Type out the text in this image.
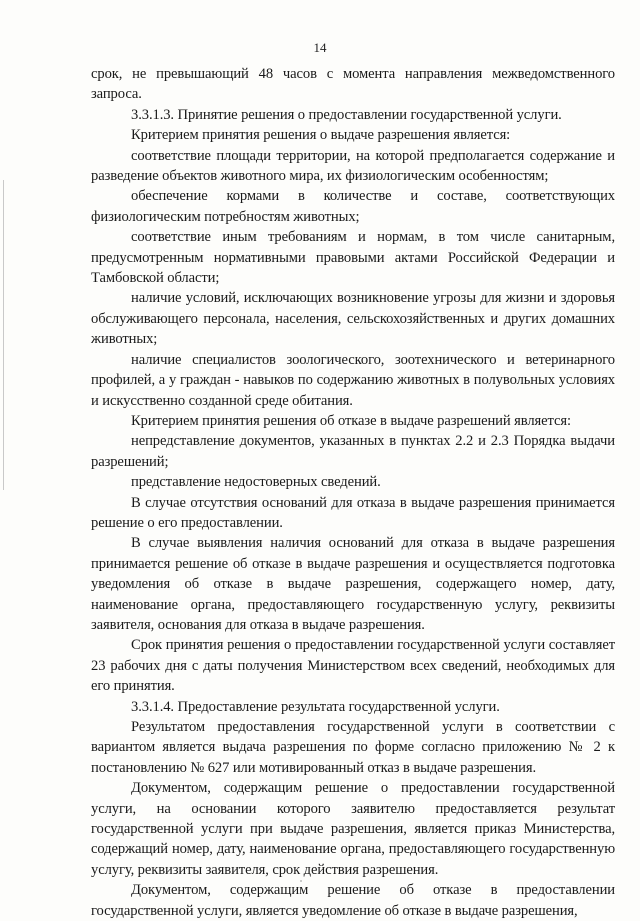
14

срок, не превышающий 48 часов с момента направления межведомственного запроса.

3.3.1.3. Принятие решения о предоставлении государственной услуги.

Критерием принятия решения о выдаче разрешения является:

соответствие площади территории, на которой предполагается содержание и разведение объектов животного мира, их физиологическим особенностям;

обеспечение кормами в количестве и составе, соответствующих физиологическим потребностям животных;

соответствие иным требованиям и нормам, в том числе санитарным, предусмотренным нормативными правовыми актами Российской Федерации и Тамбовской области;

наличие условий, исключающих возникновение угрозы для жизни и здоровья обслуживающего персонала, населения, сельскохозяйственных и других домашних животных;

наличие специалистов зоологического, зоотехнического и ветеринарного профилей, а у граждан - навыков по содержанию животных в полувольных условиях и искусственно созданной среде обитания.

Критерием принятия решения об отказе в выдаче разрешений является:

непредставление документов, указанных в пунктах 2.2 и 2.3 Порядка выдачи разрешений;

представление недостоверных сведений.

В случае отсутствия оснований для отказа в выдаче разрешения принимается решение о его предоставлении.

В случае выявления наличия оснований для отказа в выдаче разрешения принимается решение об отказе в выдаче разрешения и осуществляется подготовка уведомления об отказе в выдаче разрешения, содержащего номер, дату, наименование органа, предоставляющего государственную услугу, реквизиты заявителя, основания для отказа в выдаче разрешения.

Срок принятия решения о предоставлении государственной услуги составляет 23 рабочих дня с даты получения Министерством всех сведений, необходимых для его принятия.

3.3.1.4. Предоставление результата государственной услуги.

Результатом предоставления государственной услуги в соответствии с вариантом является выдача разрешения по форме согласно приложению № 2 к постановлению № 627 или мотивированный отказ в выдаче разрешения.

Документом, содержащим решение о предоставлении государственной услуги, на основании которого заявителю предоставляется результат государственной услуги при выдаче разрешения, является приказ Министерства, содержащий номер, дату, наименование органа, предоставляющего государственную услугу, реквизиты заявителя, срок действия разрешения.

Документом, содержащим решение об отказе в предоставлении государственной услуги, является уведомление об отказе в выдаче разрешения,
